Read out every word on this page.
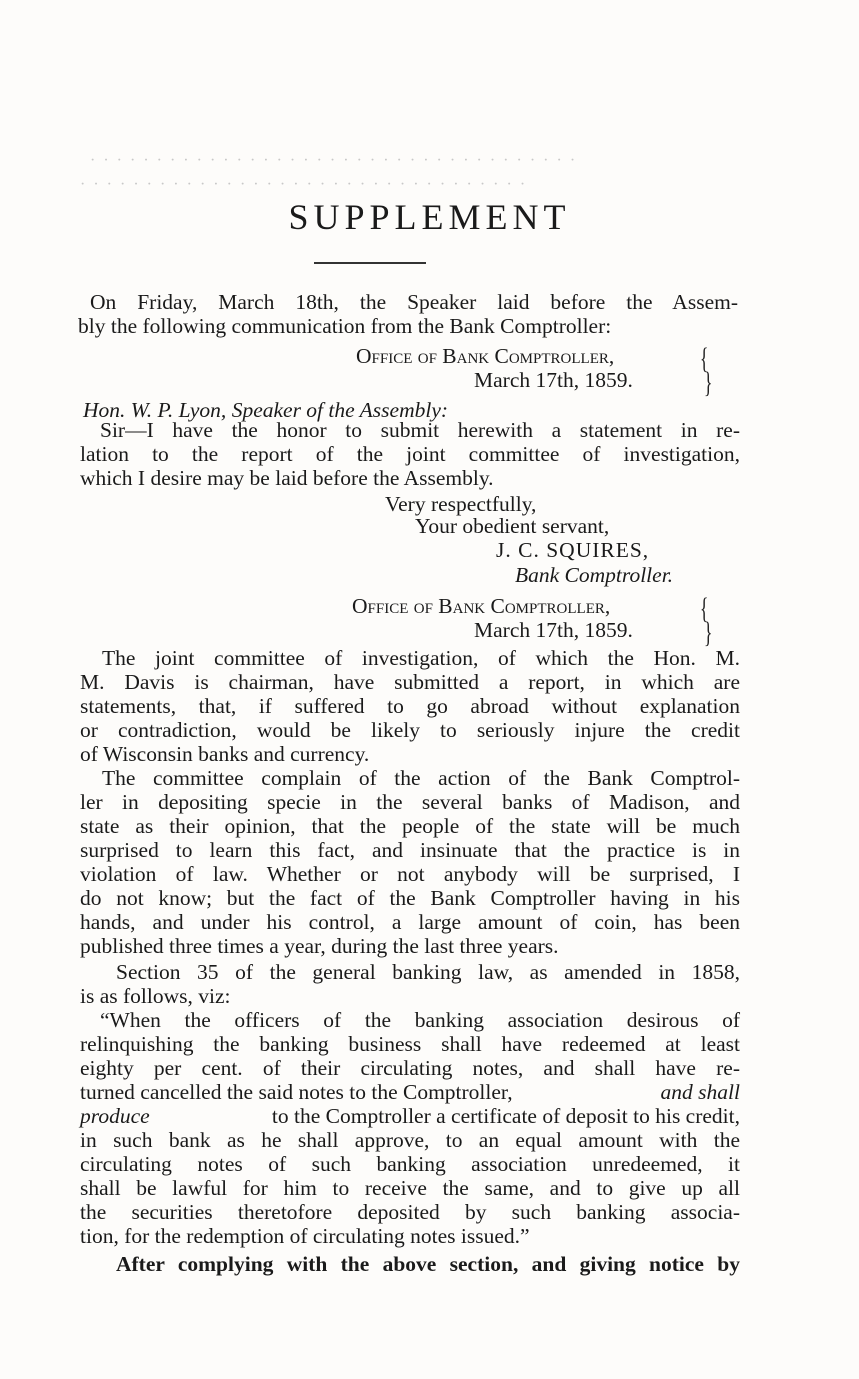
· · · · · · · · · · · · · · · · · · · · · · · · · · · · · · · · · · · · ·
· · · · · · · · · · · · · · · · · · · · · · · · · · · · · · · · · ·
SUPPLEMENT
On Friday, March 18th, the Speaker laid before the Assem-
bly the following communication from the Bank Comptroller:
Office of Bank Comptroller,
March 17th, 1859.
{
}
Hon. W. P. Lyon, Speaker of the Assembly:
Sir—I have the honor to submit herewith a statement in re-
lation to the report of the joint committee of investigation,
which I desire may be laid before the Assembly.
Very respectfully,
Your obedient servant,
J. C. SQUIRES,
Bank Comptroller.
Office of Bank Comptroller,
March 17th, 1859.
{
}
The joint committee of investigation, of which the Hon. M.
M. Davis is chairman, have submitted a report, in which are
statements, that, if suffered to go abroad without explanation
or contradiction, would be likely to seriously injure the credit
of Wisconsin banks and currency.
The committee complain of the action of the Bank Comptrol-
ler in depositing specie in the several banks of Madison, and
state as their opinion, that the people of the state will be much
surprised to learn this fact, and insinuate that the practice is in
violation of law. Whether or not anybody will be surprised, I
do not know; but the fact of the Bank Comptroller having in his
hands, and under his control, a large amount of coin, has been
published three times a year, during the last three years.
Section 35 of the general banking law, as amended in 1858,
is as follows, viz:
“When the officers of the banking association desirous of
relinquishing the banking business shall have redeemed at least
eighty per cent. of their circulating notes, and shall have re-
turned cancelled the said notes to the Comptroller,	and shall
produce	to the Comptroller a certificate of deposit to his credit,
in such bank as he shall approve, to an equal amount with the
circulating notes of such banking association unredeemed, it
shall be lawful for him to receive the same, and to give up all
the securities theretofore deposited by such banking associa-
tion, for the redemption of circulating notes issued.”
After complying with the above section, and giving notice by
